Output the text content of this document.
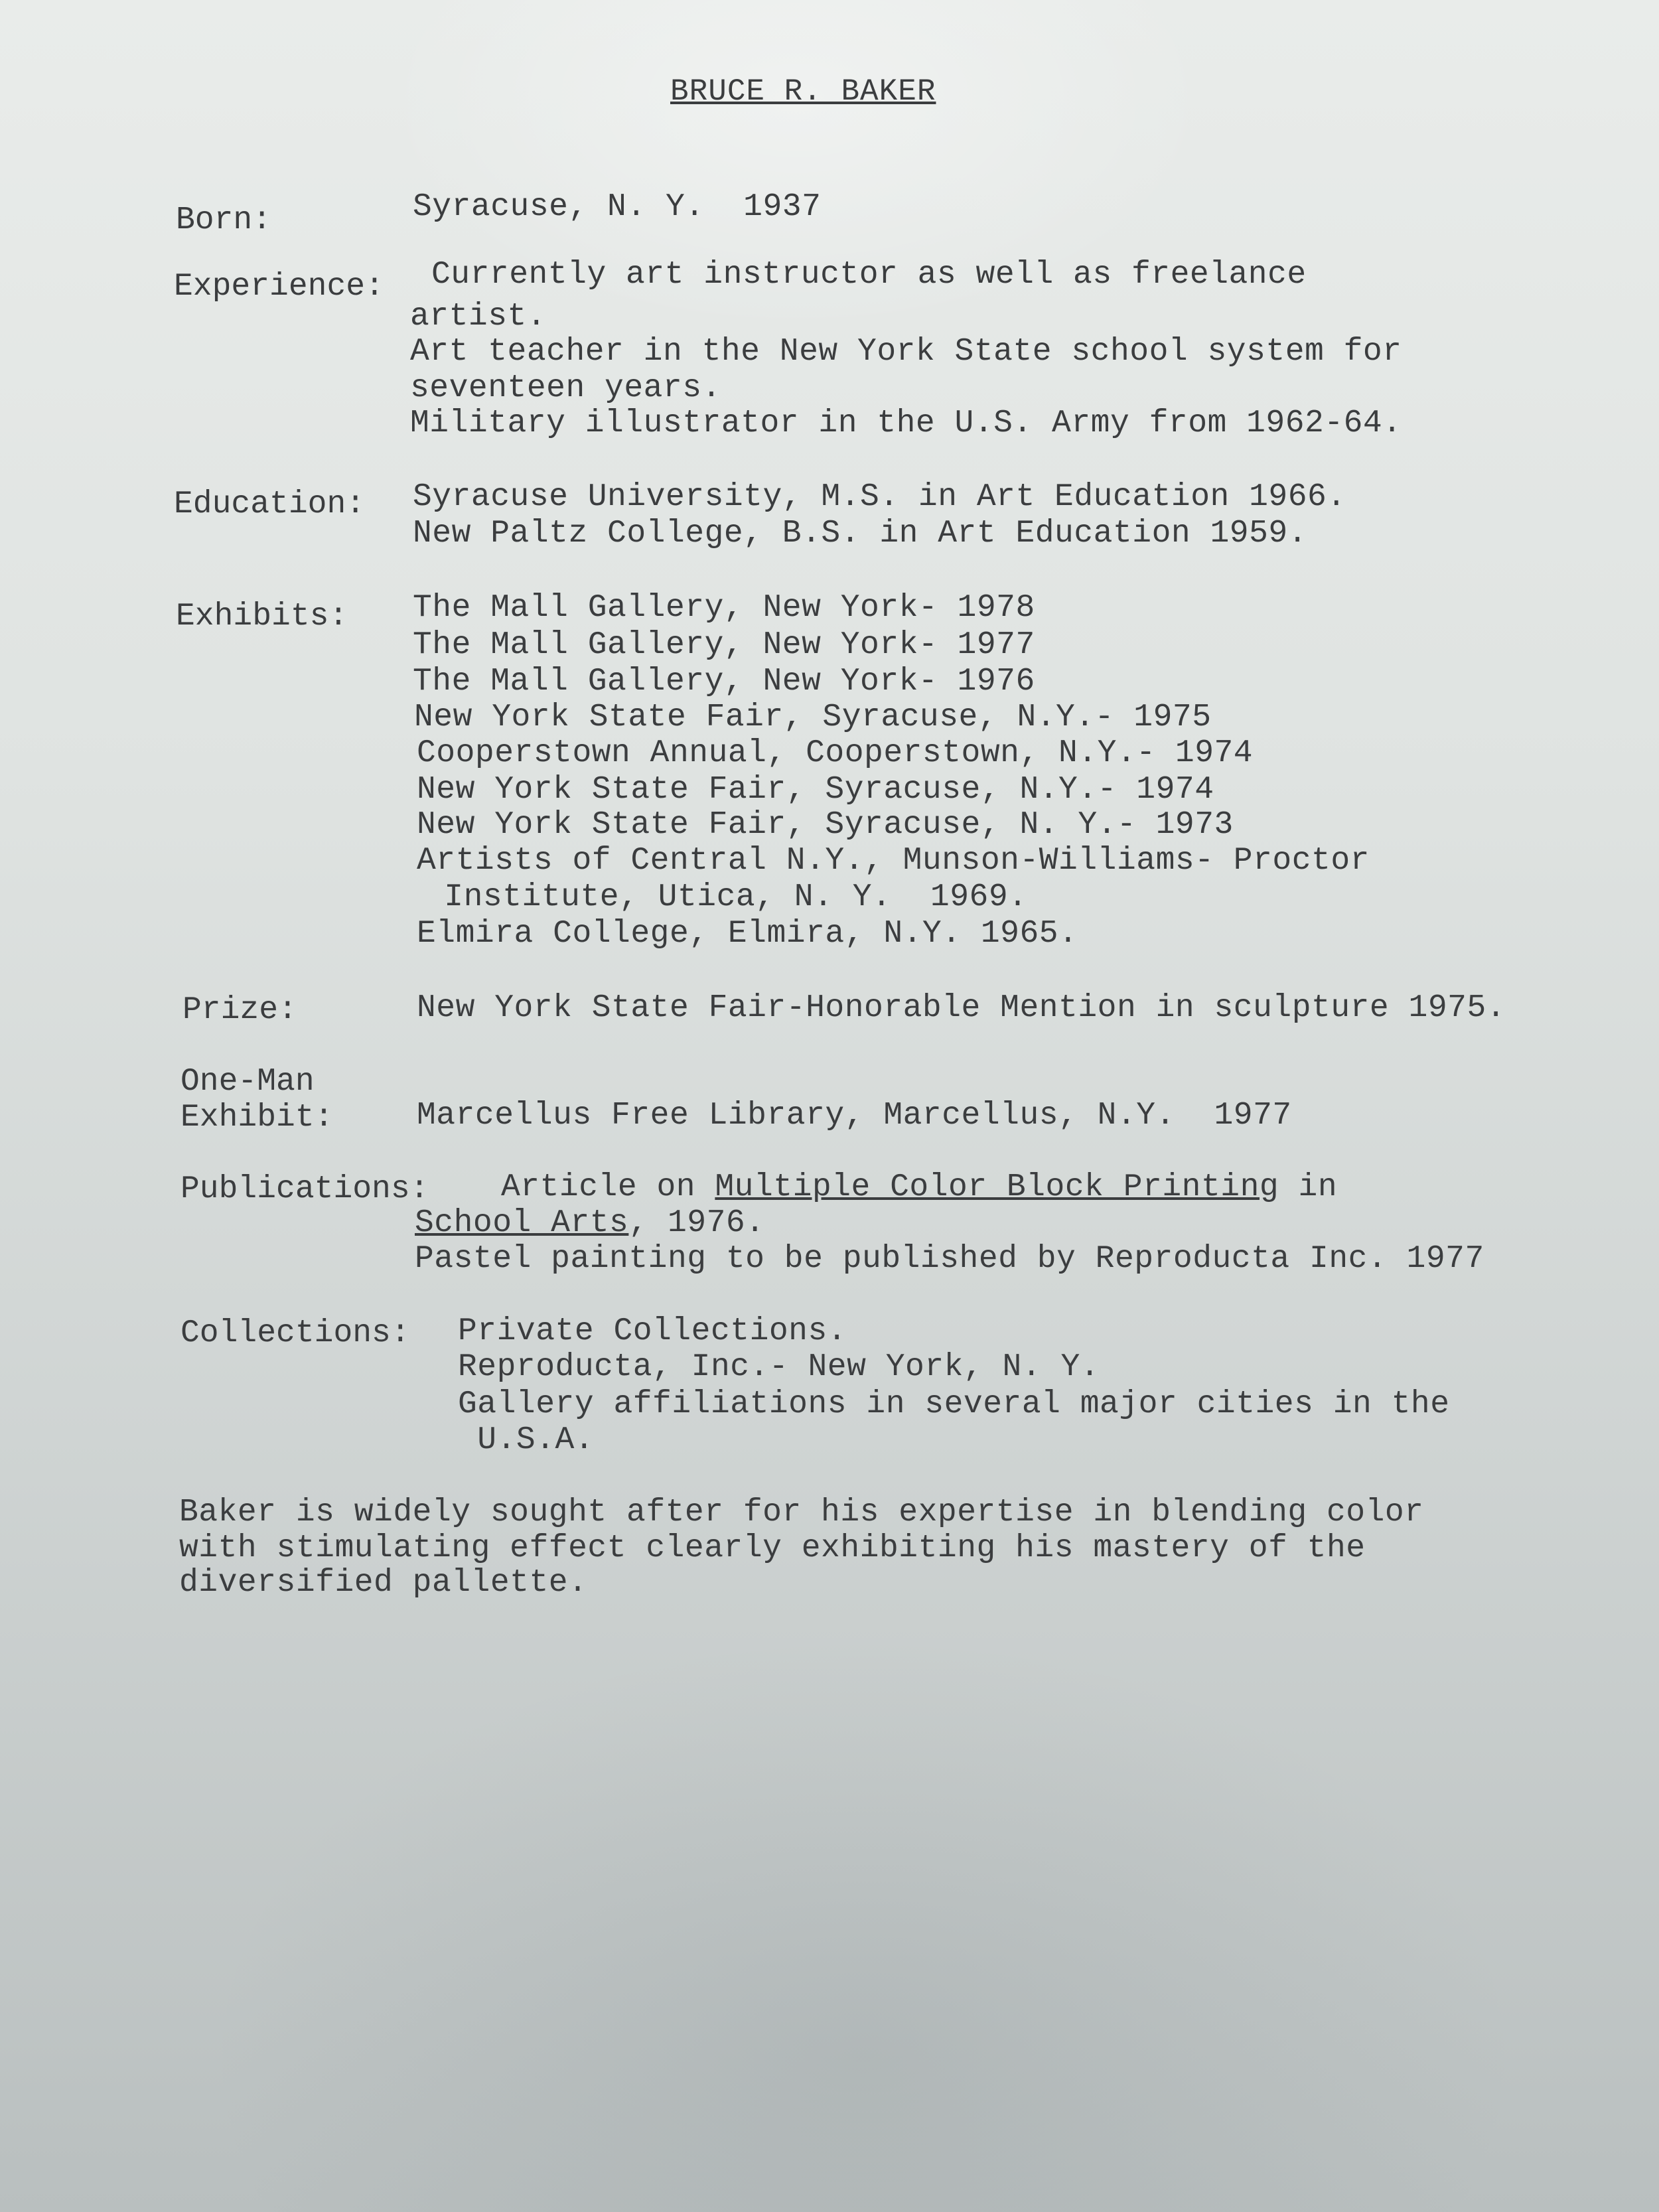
BRUCE R. BAKER
Born:	Syracuse, N. Y.  1937
Experience: Currently art instructor as well as freelance
artist.
Art teacher in the New York State school system for
seventeen years.
Military illustrator in the U.S. Army from 1962-64.
Education: Syracuse University, M.S. in Art Education 1966.
New Paltz College, B.S. in Art Education 1959.
Exhibits: The Mall Gallery, New York- 1978
The Mall Gallery, New York- 1977
The Mall Gallery, New York- 1976
New York State Fair, Syracuse, N.Y.- 1975
Cooperstown Annual, Cooperstown, N.Y.- 1974
New York State Fair, Syracuse, N.Y.- 1974
New York State Fair, Syracuse, N. Y.- 1973
Artists of Central N.Y., Munson-Williams- Proctor
Institute, Utica, N. Y.  1969.
Elmira College, Elmira, N.Y. 1965.
Prize:	New York State Fair-Honorable Mention in sculpture 1975.
One-Man
Exhibit:	Marcellus Free Library, Marcellus, N.Y.  1977
Publications: Article on Multiple Color Block Printing in
School Arts, 1976.
Pastel painting to be published by Reproducta Inc. 1977
Collections: Private Collections.
Reproducta, Inc.- New York, N. Y.
Gallery affiliations in several major cities in the
U.S.A.
Baker is widely sought after for his expertise in blending color
with stimulating effect clearly exhibiting his mastery of the
diversified pallette.
